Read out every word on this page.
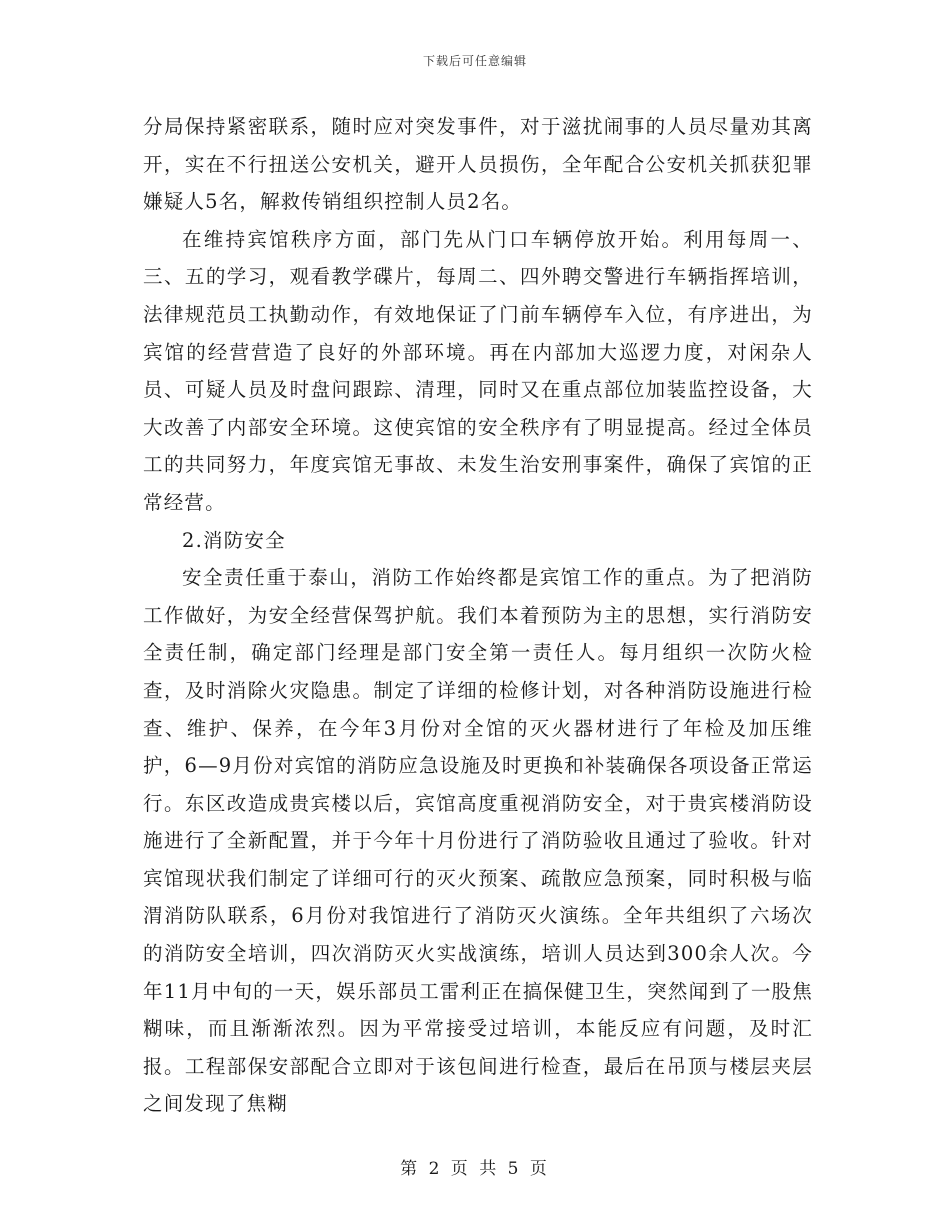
下载后可任意编辑

分局保持紧密联系，随时应对突发事件，对于滋扰闹事的人员尽量劝其离开，实在不行扭送公安机关，避开人员损伤，全年配合公安机关抓获犯罪嫌疑人5名，解救传销组织控制人员2名。

在维持宾馆秩序方面，部门先从门口车辆停放开始。利用每周一、三、五的学习，观看教学碟片，每周二、四外聘交警进行车辆指挥培训，法律规范员工执勤动作，有效地保证了门前车辆停车入位，有序进出，为宾馆的经营营造了良好的外部环境。再在内部加大巡逻力度，对闲杂人员、可疑人员及时盘问跟踪、清理，同时又在重点部位加装监控设备，大大改善了内部安全环境。这使宾馆的安全秩序有了明显提高。经过全体员工的共同努力，年度宾馆无事故、未发生治安刑事案件，确保了宾馆的正常经营。

2.消防安全

安全责任重于泰山，消防工作始终都是宾馆工作的重点。为了把消防工作做好，为安全经营保驾护航。我们本着预防为主的思想，实行消防安全责任制，确定部门经理是部门安全第一责任人。每月组织一次防火检查，及时消除火灾隐患。制定了详细的检修计划，对各种消防设施进行检查、维护、保养，在今年3月份对全馆的灭火器材进行了年检及加压维护，6—9月份对宾馆的消防应急设施及时更换和补装确保各项设备正常运行。东区改造成贵宾楼以后，宾馆高度重视消防安全，对于贵宾楼消防设施进行了全新配置，并于今年十月份进行了消防验收且通过了验收。针对宾馆现状我们制定了详细可行的灭火预案、疏散应急预案，同时积极与临渭消防队联系，6月份对我馆进行了消防灭火演练。全年共组织了六场次的消防安全培训，四次消防灭火实战演练，培训人员达到300余人次。今年11月中旬的一天，娱乐部员工雷利正在搞保健卫生，突然闻到了一股焦糊味，而且渐渐浓烈。因为平常接受过培训，本能反应有问题，及时汇报。工程部保安部配合立即对于该包间进行检查，最后在吊顶与楼层夹层之间发现了焦糊

第 2 页 共 5 页
